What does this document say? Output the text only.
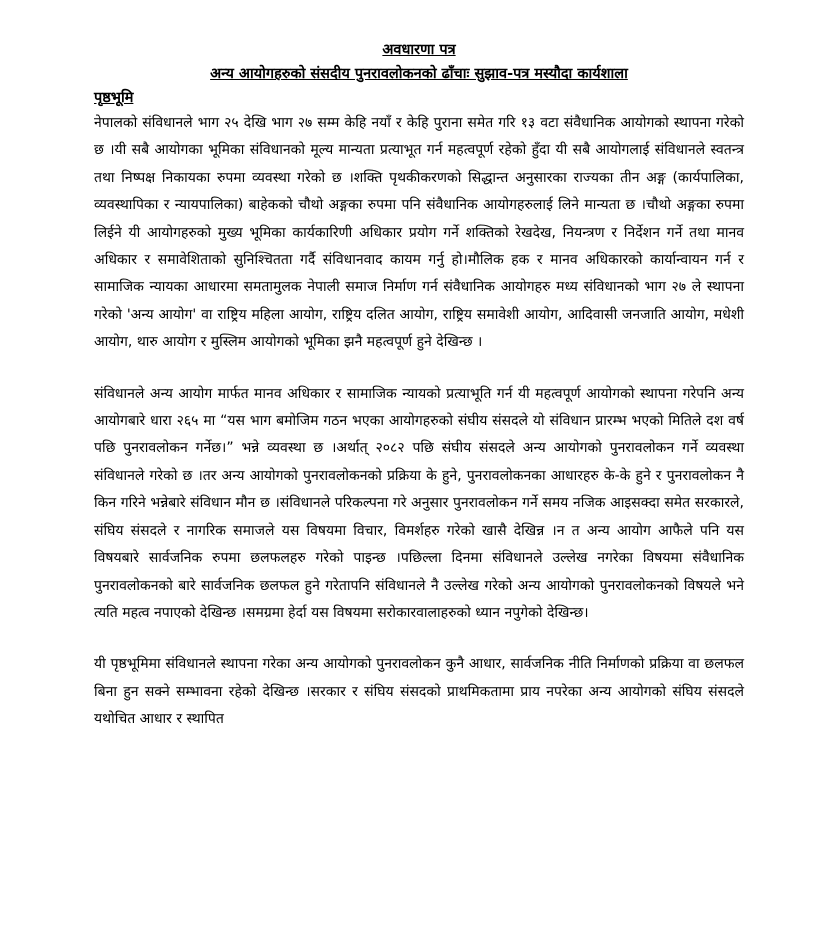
अवधारणा पत्र

अन्य आयोगहरुको संसदीय पुनरावलोकनको ढाँचाः सुझाव-पत्र मस्यौदा कार्यशाला

पृष्ठभूमि

नेपालको संविधानले भाग २५ देखि भाग २७ सम्म केहि नयाँ र केहि पुराना समेत गरि १३ वटा संवैधानिक आयोगको स्थापना गरेको छ ।यी सबै आयोगका भूमिका संविधानको मूल्य मान्यता प्रत्याभूत गर्न महत्वपूर्ण रहेको हुँदा यी सबै आयोगलाई संविधानले स्वतन्त्र तथा निष्पक्ष निकायका रुपमा व्यवस्था गरेको छ ।शक्ति पृथकीकरणको सिद्धान्त अनुसारका राज्यका तीन अङ्ग (कार्यपालिका, व्यवस्थापिका र न्यायपालिका) बाहेकको चौथो अङ्गका रुपमा पनि संवैधानिक आयोगहरुलाई लिने मान्यता छ ।चौथो अङ्गका रुपमा लिईने यी आयोगहरुको मुख्य भूमिका कार्यकारिणी अधिकार प्रयोग गर्ने शक्तिको रेखदेख, नियन्त्रण र निर्देशन गर्ने तथा मानव अधिकार र समावेशिताको सुनिश्चितता गर्दै संविधानवाद कायम गर्नु हो।मौलिक हक र मानव अधिकारको कार्यान्वायन गर्न र सामाजिक न्यायका आधारमा समतामुलक नेपाली समाज निर्माण गर्न संवैधानिक आयोगहरु मध्य संविधानको भाग २७ ले स्थापना गरेको 'अन्य आयोग' वा राष्ट्रिय महिला आयोग, राष्ट्रिय दलित आयोग, राष्ट्रिय समावेशी आयोग, आदिवासी जनजाति आयोग, मधेशी आयोग, थारु आयोग र मुस्लिम आयोगको भूमिका झनै महत्वपूर्ण हुने देखिन्छ ।

संविधानले अन्य आयोग मार्फत मानव अधिकार र सामाजिक न्यायको प्रत्याभूति गर्न यी महत्वपूर्ण आयोगको स्थापना गरेपनि अन्य आयोगबारे धारा २६५ मा “यस भाग बमोजिम गठन भएका आयोगहरुको संघीय संसदले यो संविधान प्रारम्भ भएको मितिले दश वर्ष पछि पुनरावलोकन गर्नेछ।” भन्ने व्यवस्था छ ।अर्थात् २०८२ पछि संघीय संसदले अन्य आयोगको पुनरावलोकन गर्ने व्यवस्था संविधानले गरेको छ ।तर अन्य आयोगको पुनरावलोकनको प्रक्रिया के हुने, पुनरावलोकनका आधारहरु के-के हुने र पुनरावलोकन नै किन गरिने भन्नेबारे संविधान मौन छ ।संविधानले परिकल्पना गरे अनुसार पुनरावलोकन गर्ने समय नजिक आइसक्दा समेत सरकारले, संघिय संसदले र नागरिक समाजले यस विषयमा विचार, विमर्शहरु गरेको खासै देखिन्न ।न त अन्य आयोग आफैले पनि यस विषयबारे सार्वजनिक रुपमा छलफलहरु गरेको पाइन्छ ।पछिल्ला दिनमा संविधानले उल्लेख नगरेका विषयमा संवैधानिक पुनरावलोकनको बारे सार्वजनिक छलफल हुने गरेतापनि संविधानले नै उल्लेख गरेको अन्य आयोगको पुनरावलोकनको विषयले भने त्यति महत्व नपाएको देखिन्छ ।समग्रमा हेर्दा यस विषयमा सरोकारवालाहरुको ध्यान नपुगेको देखिन्छ।

यी पृष्ठभूमिमा संविधानले स्थापना गरेका अन्य आयोगको पुनरावलोकन कुनै आधार, सार्वजनिक नीति निर्माणको प्रक्रिया वा छलफल बिना हुन सक्ने सम्भावना रहेको देखिन्छ ।सरकार र संघिय संसदको प्राथमिकतामा प्राय नपरेका अन्य आयोगको संघिय संसदले यथोचित आधार र स्थापित
